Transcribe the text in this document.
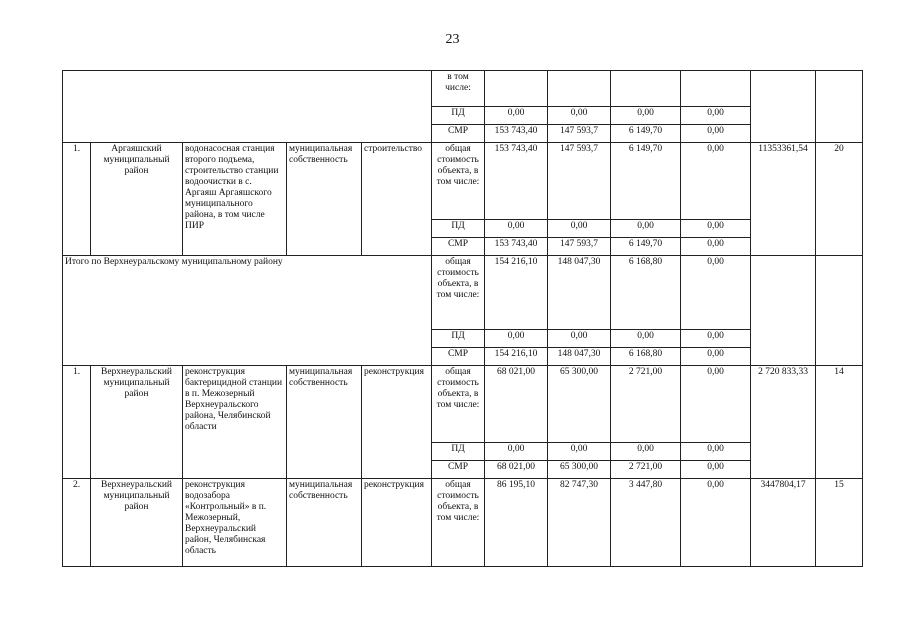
23
					в том числе:						
					ПД	0,00	0,00	0,00	0,00		
					СМР	153 743,40	147 593,7	6 149,70	0,00		
1.	Аргаяшский муниципальный район	водонасосная станция второго подъема, строительство станции водоочистки в с. Аргаяш Аргаяшского муниципального района, в том числе ПИР	муниципальная собственность	строительство	общая стоимость объекта, в том числе:	153 743,40	147 593,7	6 149,70	0,00	11353361,54	20
					ПД	0,00	0,00	0,00	0,00		
					СМР	153 743,40	147 593,7	6 149,70	0,00		
Итого по Верхнеуральскому муниципальному району					общая стоимость объекта, в том числе:	154 216,10	148 047,30	6 168,80	0,00		
					ПД	0,00	0,00	0,00	0,00		
					СМР	154 216,10	148 047,30	6 168,80	0,00		
1.	Верхнеуральский муниципальный район	реконструкция бактерицидной станции в п. Межозерный Верхнеуральского района, Челябинской области	муниципальная собственность	реконструкция	общая стоимость объекта, в том числе:	68 021,00	65 300,00	2 721,00	0,00	2 720 833,33	14
					ПД	0,00	0,00	0,00	0,00		
					СМР	68 021,00	65 300,00	2 721,00	0,00		
2.	Верхнеуральский муниципальный район	реконструкция водозабора «Контрольный» в п. Межозерный, Верхнеуральский район, Челябинская область	муниципальная собственность	реконструкция	общая стоимость объекта, в том числе:	86 195,10	82 747,30	3 447,80	0,00	3447804,17	15
